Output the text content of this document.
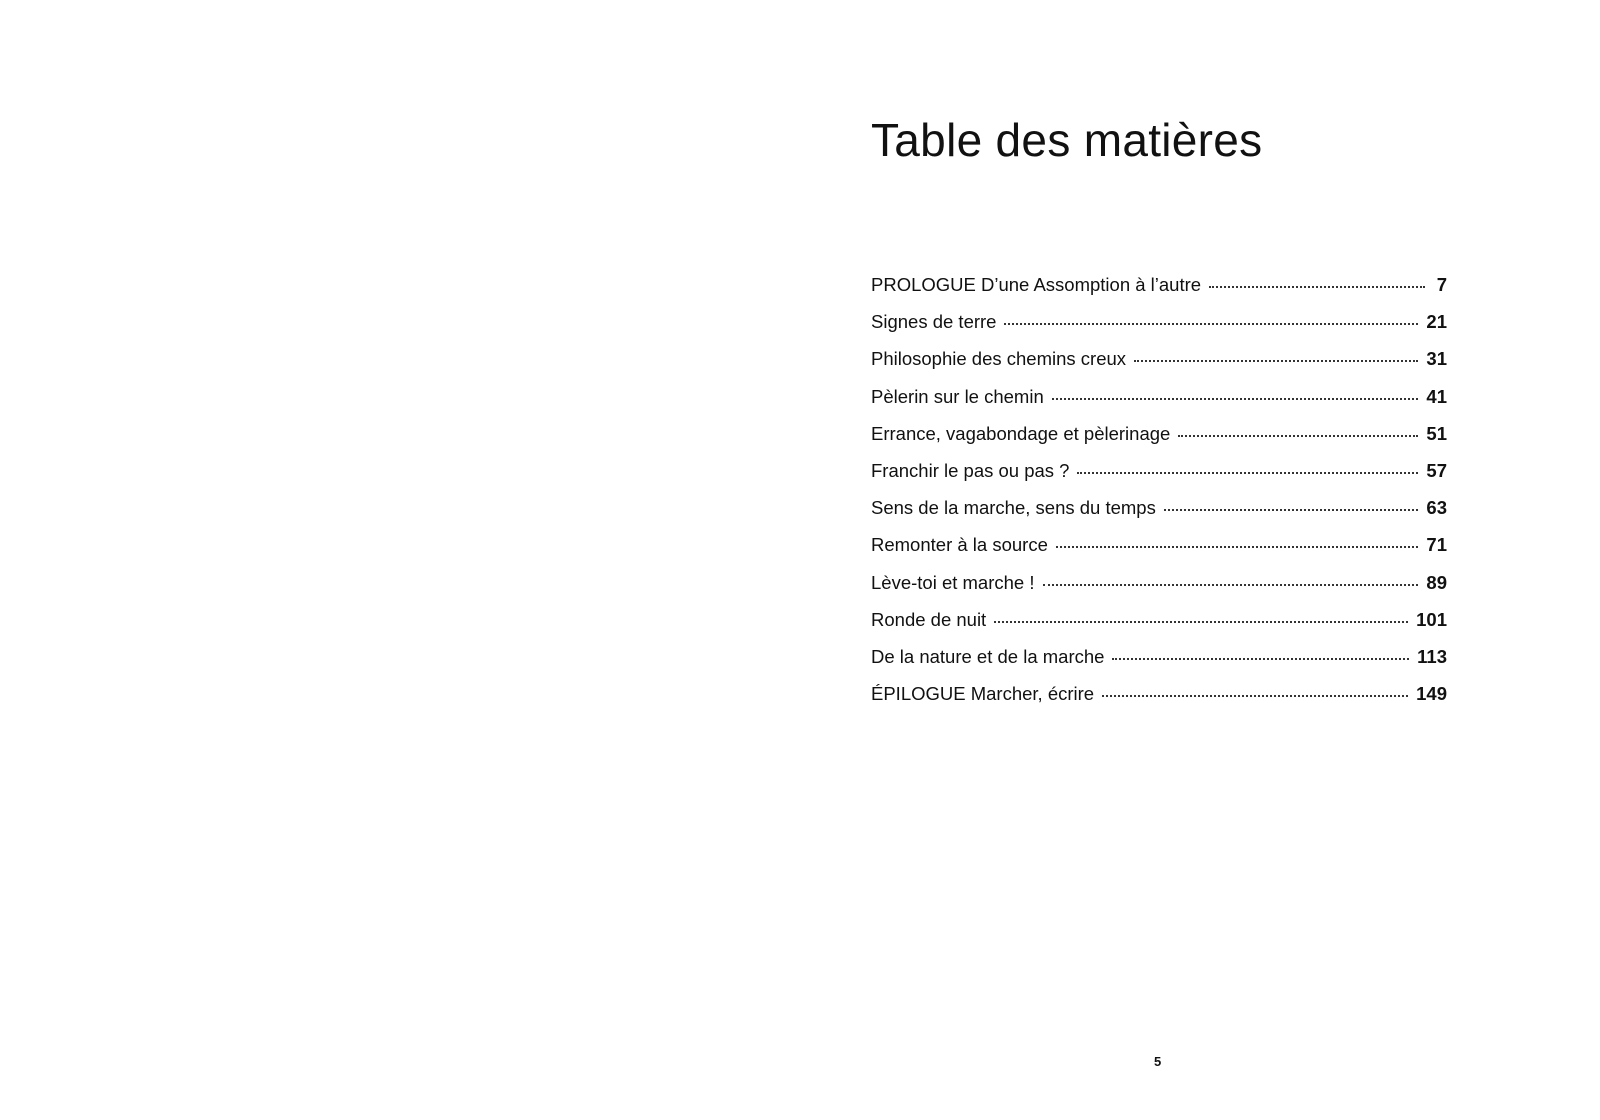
Table des matières
PROLOGUE D’une Assomption à l’autre	7
Signes de terre	21
Philosophie des chemins creux	31
Pèlerin sur le chemin	41
Errance, vagabondage et pèlerinage	51
Franchir le pas ou pas ?	57
Sens de la marche, sens du temps	63
Remonter à la source	71
Lève-toi et marche !	89
Ronde de nuit	101
De la nature et de la marche	113
ÉPILOGUE Marcher, écrire	149
5
